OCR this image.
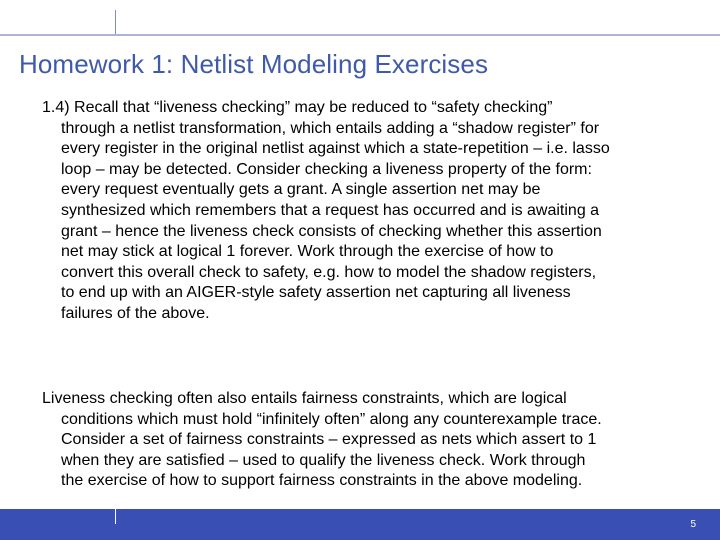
Homework 1: Netlist Modeling Exercises
1.4) Recall that “liveness checking” may be reduced to “safety checking”
through a netlist transformation, which entails adding a “shadow register” for
every register in the original netlist against which a state-repetition – i.e. lasso
loop – may be detected. Consider checking a liveness property of the form:
every request eventually gets a grant. A single assertion net may be
synthesized which remembers that a request has occurred and is awaiting a
grant – hence the liveness check consists of checking whether this assertion
net may stick at logical 1 forever. Work through the exercise of how to
convert this overall check to safety, e.g. how to model the shadow registers,
to end up with an AIGER-style safety assertion net capturing all liveness
failures of the above.
Liveness checking often also entails fairness constraints, which are logical
conditions which must hold “infinitely often” along any counterexample trace.
Consider a set of fairness constraints – expressed as nets which assert to 1
when they are satisfied – used to qualify the liveness check. Work through
the exercise of how to support fairness constraints in the above modeling.
5
